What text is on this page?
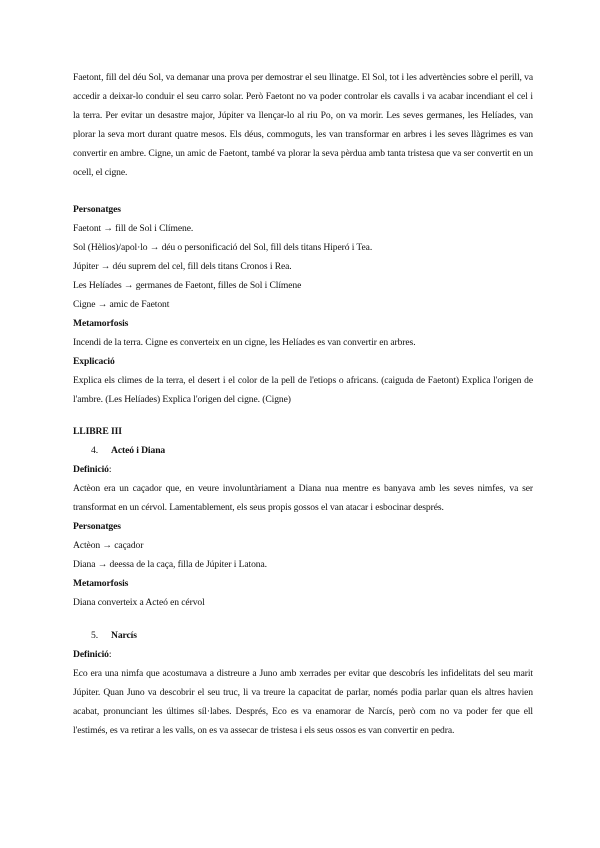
Faetont, fill del déu Sol, va demanar una prova per demostrar el seu llinatge. El Sol, tot i les advertències sobre el perill, va accedir a deixar-lo conduir el seu carro solar. Però Faetont no va poder controlar els cavalls i va acabar incendiant el cel i la terra. Per evitar un desastre major, Júpiter va llençar-lo al riu Po, on va morir. Les seves germanes, les Helíades, van plorar la seva mort durant quatre mesos. Els déus, commoguts, les van transformar en arbres i les seves llàgrimes es van convertir en ambre. Cigne, un amic de Faetont, també va plorar la seva pèrdua amb tanta tristesa que va ser convertit en un ocell, el cigne.

Personatges

Faetont → fill de Sol i Clímene.

Sol (Hèlios)/apol·lo → déu o personificació del Sol, fill dels titans Hiperó i Tea.

Júpiter → déu suprem del cel, fill dels titans Cronos i Rea.

Les Helíades → germanes de Faetont, filles de Sol i Clímene

Cigne → amic de Faetont

Metamorfosis

Incendi de la terra. Cigne es converteix en un cigne, les Helíades es van convertir en arbres.

Explicació

Explica els climes de la terra, el desert i el color de la pell de l'etiops o africans. (caiguda de Faetont) Explica l'origen de l'ambre. (Les Helíades) Explica l'origen del cigne. (Cigne)

LLIBRE III

4. Acteó i Diana

Definició:

Actèon era un caçador que, en veure involuntàriament a Diana nua mentre es banyava amb les seves nimfes, va ser transformat en un cérvol. Lamentablement, els seus propis gossos el van atacar i esbocinar després.

Personatges

Actèon → caçador

Diana → deessa de la caça, filla de Júpiter i Latona.

Metamorfosis

Diana converteix a Acteó en cérvol

5. Narcís

Definició:

Eco era una nimfa que acostumava a distreure a Juno amb xerrades per evitar que descobrís les infidelitats del seu marit Júpiter. Quan Juno va descobrir el seu truc, li va treure la capacitat de parlar, només podia parlar quan els altres havien acabat, pronunciant les últimes síl·labes. Després, Eco es va enamorar de Narcís, però com no va poder fer que ell l'estimés, es va retirar a les valls, on es va assecar de tristesa i els seus ossos es van convertir en pedra.
